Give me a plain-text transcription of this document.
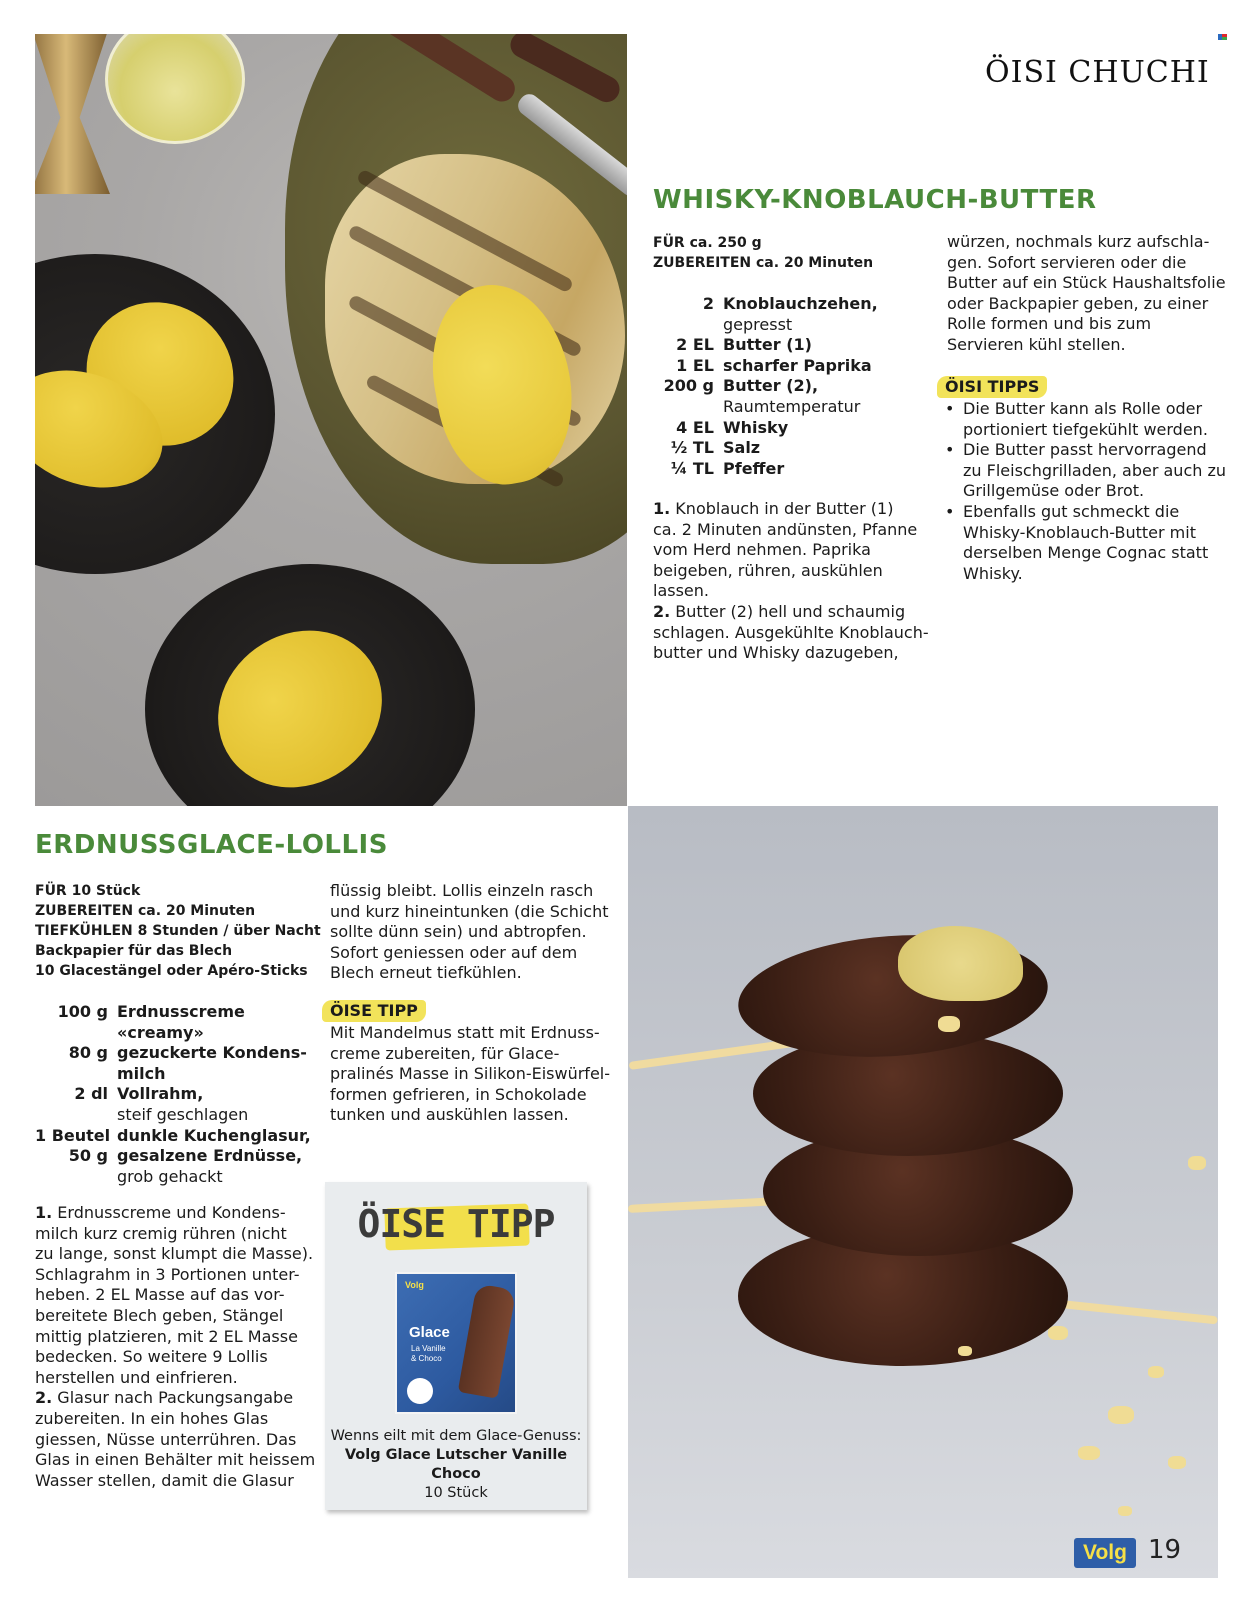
ÖISI CHUCHI
WHISKY-KNOBLAUCH-BUTTER
FÜR ca. 250 g
ZUBEREITEN ca. 20 Minuten
2 Knoblauchzehen,
gepresst
2 EL Butter (1)
1 EL scharfer Paprika
200 g Butter (2),
Raumtemperatur
4 EL Whisky
½ TL Salz
¼ TL Pfeffer
1. Knoblauch in der Butter (1)
ca. 2 Minuten andünsten, Pfanne
vom Herd nehmen. Paprika
beigeben, rühren, auskühlen
lassen.
2. Butter (2) hell und schaumig
schlagen. Ausgekühlte Knoblauch-
butter und Whisky dazugeben,
würzen, nochmals kurz aufschla-
gen. Sofort servieren oder die
Butter auf ein Stück Haushaltsfolie
oder Backpapier geben, zu einer
Rolle formen und bis zum
Servieren kühl stellen.
ÖISI TIPPS
• Die Butter kann als Rolle oder
portioniert tiefgekühlt werden.
• Die Butter passt hervorragend
zu Fleischgrilladen, aber auch zu
Grillgemüse oder Brot.
• Ebenfalls gut schmeckt die
Whisky-Knoblauch-Butter mit
derselben Menge Cognac statt
Whisky.
ERDNUSSGLACE-LOLLIS
FÜR 10 Stück
ZUBEREITEN ca. 20 Minuten
TIEFKÜHLEN 8 Stunden / über Nacht
Backpapier für das Blech
10 Glacestängel oder Apéro-Sticks
100 g Erdnusscreme
«creamy»
80 g gezuckerte Kondens-
milch
2 dl Vollrahm,
steif geschlagen
1 Beutel dunkle Kuchenglasur,
50 g gesalzene Erdnüsse,
grob gehackt
1. Erdnusscreme und Kondens-
milch kurz cremig rühren (nicht
zu lange, sonst klumpt die Masse).
Schlagrahm in 3 Portionen unter-
heben. 2 EL Masse auf das vor-
bereitete Blech geben, Stängel
mittig platzieren, mit 2 EL Masse
bedecken. So weitere 9 Lollis
herstellen und einfrieren.
2. Glasur nach Packungsangabe
zubereiten. In ein hohes Glas
giessen, Nüsse unterrühren. Das
Glas in einen Behälter mit heissem
Wasser stellen, damit die Glasur
flüssig bleibt. Lollis einzeln rasch
und kurz hineintunken (die Schicht
sollte dünn sein) und abtropfen.
Sofort geniessen oder auf dem
Blech erneut tiefkühlen.
ÖISE TIPP
Mit Mandelmus statt mit Erdnuss-
creme zubereiten, für Glace-
pralinés Masse in Silikon-Eiswürfel-
formen gefrieren, in Schokolade
tunken und auskühlen lassen.
ÖISE TIPP
Volg
Glace
La Vanille
& Choco
Wenns eilt mit dem Glace-Genuss:
Volg Glace Lutscher Vanille Choco
10 Stück
Volg 19
